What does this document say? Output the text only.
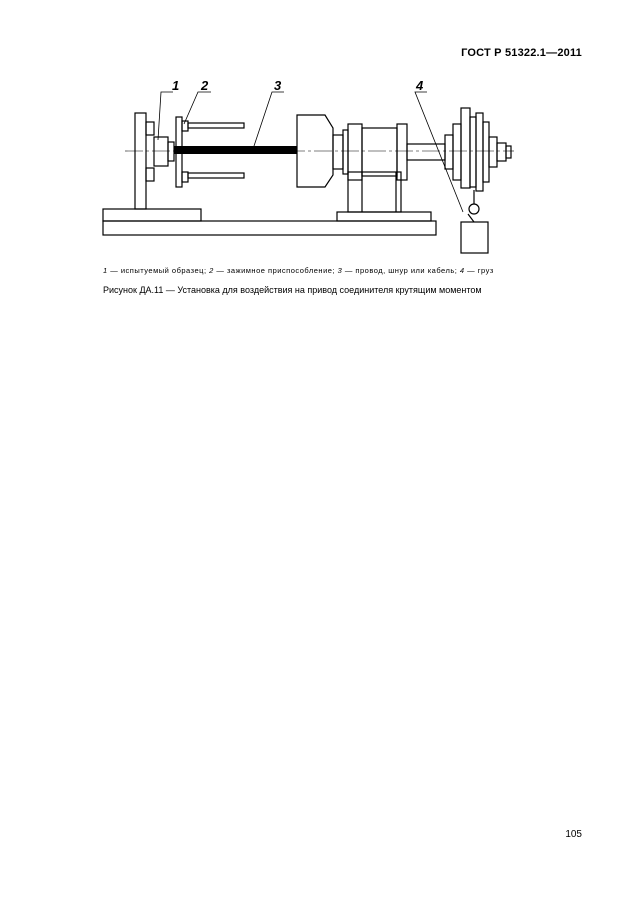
ГОСТ Р 51322.1—2011
1 2	3	4
1 — испытуемый образец; 2 — зажимное приспособление; 3 — провод, шнур или кабель; 4 — груз
Рисунок ДА.11 — Установка для воздействия на привод соединителя крутящим моментом
105
